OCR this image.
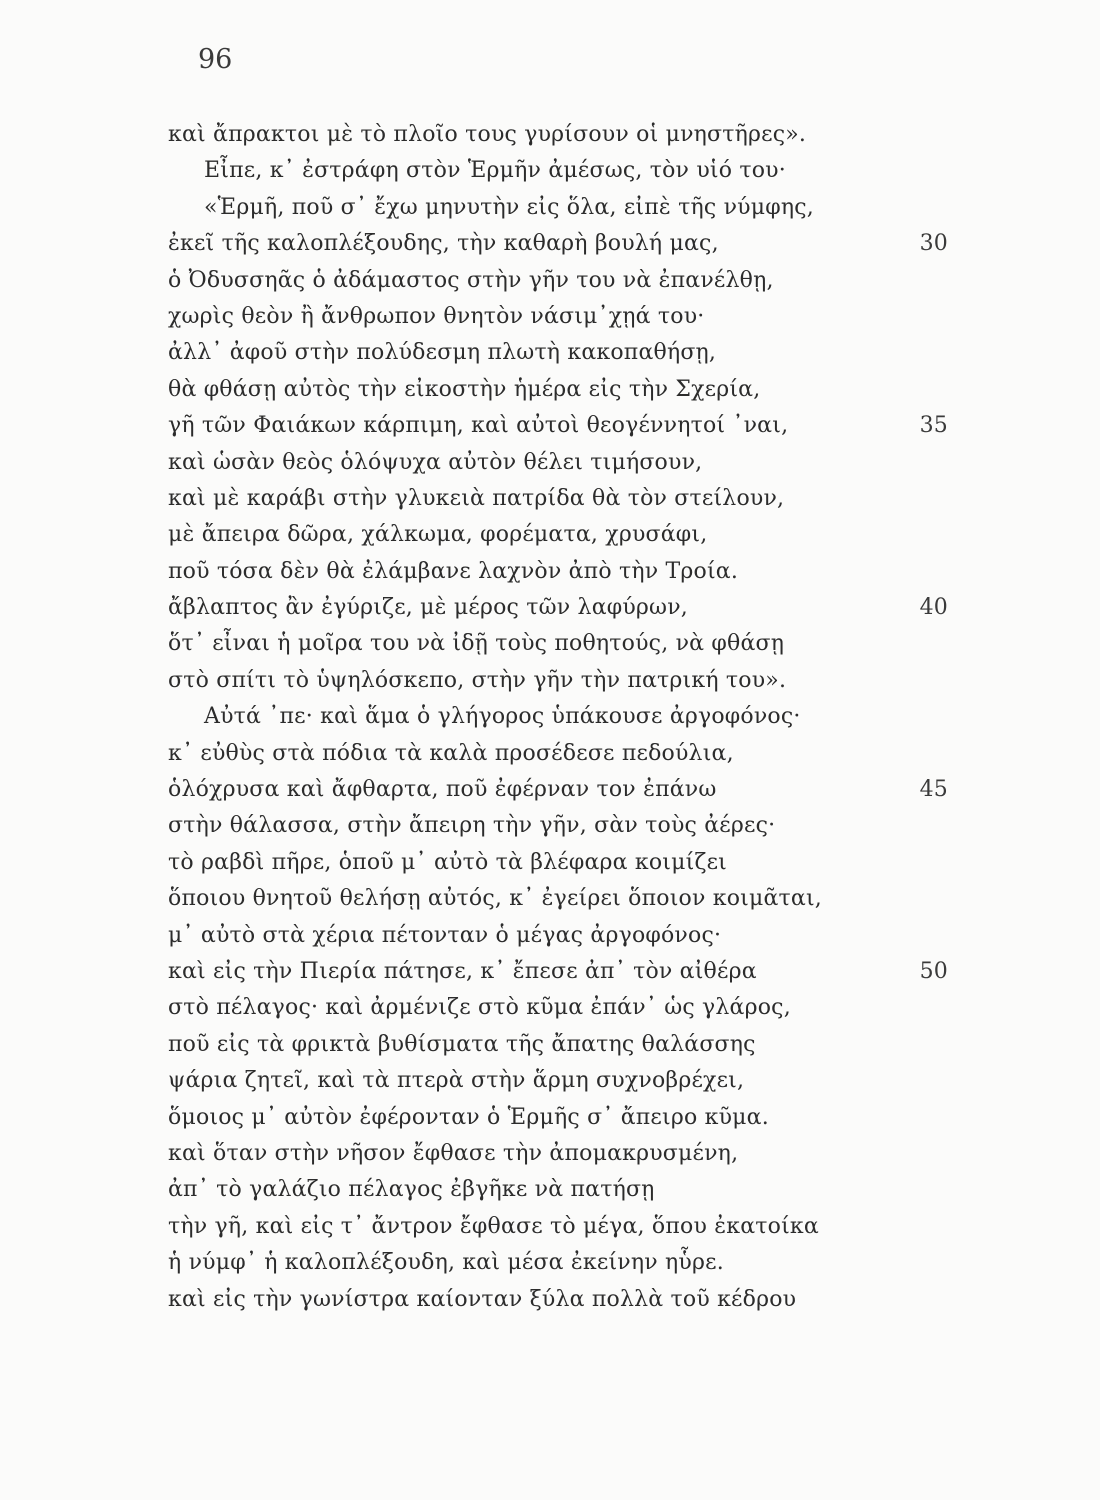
96
καὶ ἄπρακτοι μὲ τὸ πλοῖο τους γυρίσουν οἱ μνηστῆρες».
Εἶπε, κ᾽ ἐστράφη στὸν Ἑρμῆν ἀμέσως, τὸν υἱό του·
«Ἑρμῆ, ποῦ σ᾽ ἔχω μηνυτὴν εἰς ὅλα, εἰπὲ τῆς νύμφης,
ἐκεῖ τῆς καλοπλέξουδης, τὴν καθαρὴ βουλή μας,	30
ὁ Ὀδυσσηᾶς ὁ ἀδάμαστος στὴν γῆν του νὰ ἐπανέλθῃ,
χωρὶς θεὸν ἢ ἄνθρωπον θνητὸν νάσιμ᾽χῃά του·
ἀλλ᾽ ἀφοῦ στὴν πολύδεσμη πλωτὴ κακοπαθήσῃ,
θὰ φθάσῃ αὐτὸς τὴν εἰκοστὴν ἡμέρα εἰς τὴν Σχερία,
γῆ τῶν Φαιάκων κάρπιμη, καὶ αὐτοὶ θεογέννητοί ᾽ναι,	35
καὶ ὡσὰν θεὸς ὁλόψυχα αὐτὸν θέλει τιμήσουν,
καὶ μὲ καράβι στὴν γλυκειὰ πατρίδα θὰ τὸν στείλουν,
μὲ ἄπειρα δῶρα, χάλκωμα, φορέματα, χρυσάφι,
ποῦ τόσα δὲν θὰ ἐλάμβανε λαχνὸν ἀπὸ τὴν Τροία.
ἄβλαπτος ἂν ἐγύριζε, μὲ μέρος τῶν λαφύρων,	40
ὅτ᾽ εἶναι ἡ μοῖρα του νὰ ἰδῇ τοὺς ποθητούς, νὰ φθάσῃ
στὸ σπίτι τὸ ὑψηλόσκεπο, στὴν γῆν τὴν πατρική του».
Αὐτά ᾽πε· καὶ ἅμα ὁ γλήγορος ὑπάκουσε ἀργοφόνος·
κ᾽ εὐθὺς στὰ πόδια τὰ καλὰ προσέδεσε πεδούλια,
ὁλόχρυσα καὶ ἄφθαρτα, ποῦ ἐφέρναν τον ἐπάνω	45
στὴν θάλασσα, στὴν ἄπειρη τὴν γῆν, σὰν τοὺς ἀέρες·
τὸ ραβδὶ πῆρε, ὁποῦ μ᾽ αὐτὸ τὰ βλέφαρα κοιμίζει
ὅποιου θνητοῦ θελήσῃ αὐτός, κ᾽ ἐγείρει ὅποιον κοιμᾶται,
μ᾽ αὐτὸ στὰ χέρια πέτονταν ὁ μέγας ἀργοφόνος·
καὶ εἰς τὴν Πιερία πάτησε, κ᾽ ἔπεσε ἀπ᾽ τὸν αἰθέρα	50
στὸ πέλαγος· καὶ ἀρμένιζε στὸ κῦμα ἐπάν᾽ ὡς γλάρος,
ποῦ εἰς τὰ φρικτὰ βυθίσματα τῆς ἄπατης θαλάσσης
ψάρια ζητεῖ, καὶ τὰ πτερὰ στὴν ἅρμη συχνοβρέχει,
ὅμοιος μ᾽ αὐτὸν ἐφέρονταν ὁ Ἑρμῆς σ᾽ ἄπειρο κῦμα.
καὶ ὅταν στὴν νῆσον ἔφθασε τὴν ἀπομακρυσμένη,
ἀπ᾽ τὸ γαλάζιο πέλαγος ἐβγῆκε νὰ πατήσῃ
τὴν γῆ, καὶ εἰς τ᾽ ἄντρον ἔφθασε τὸ μέγα, ὅπου ἐκατοίκα
ἡ νύμφ᾽ ἡ καλοπλέξουδη, καὶ μέσα ἐκείνην ηὗρε.
καὶ εἰς τὴν γωνίστρα καίονταν ξύλα πολλὰ τοῦ κέδρου
